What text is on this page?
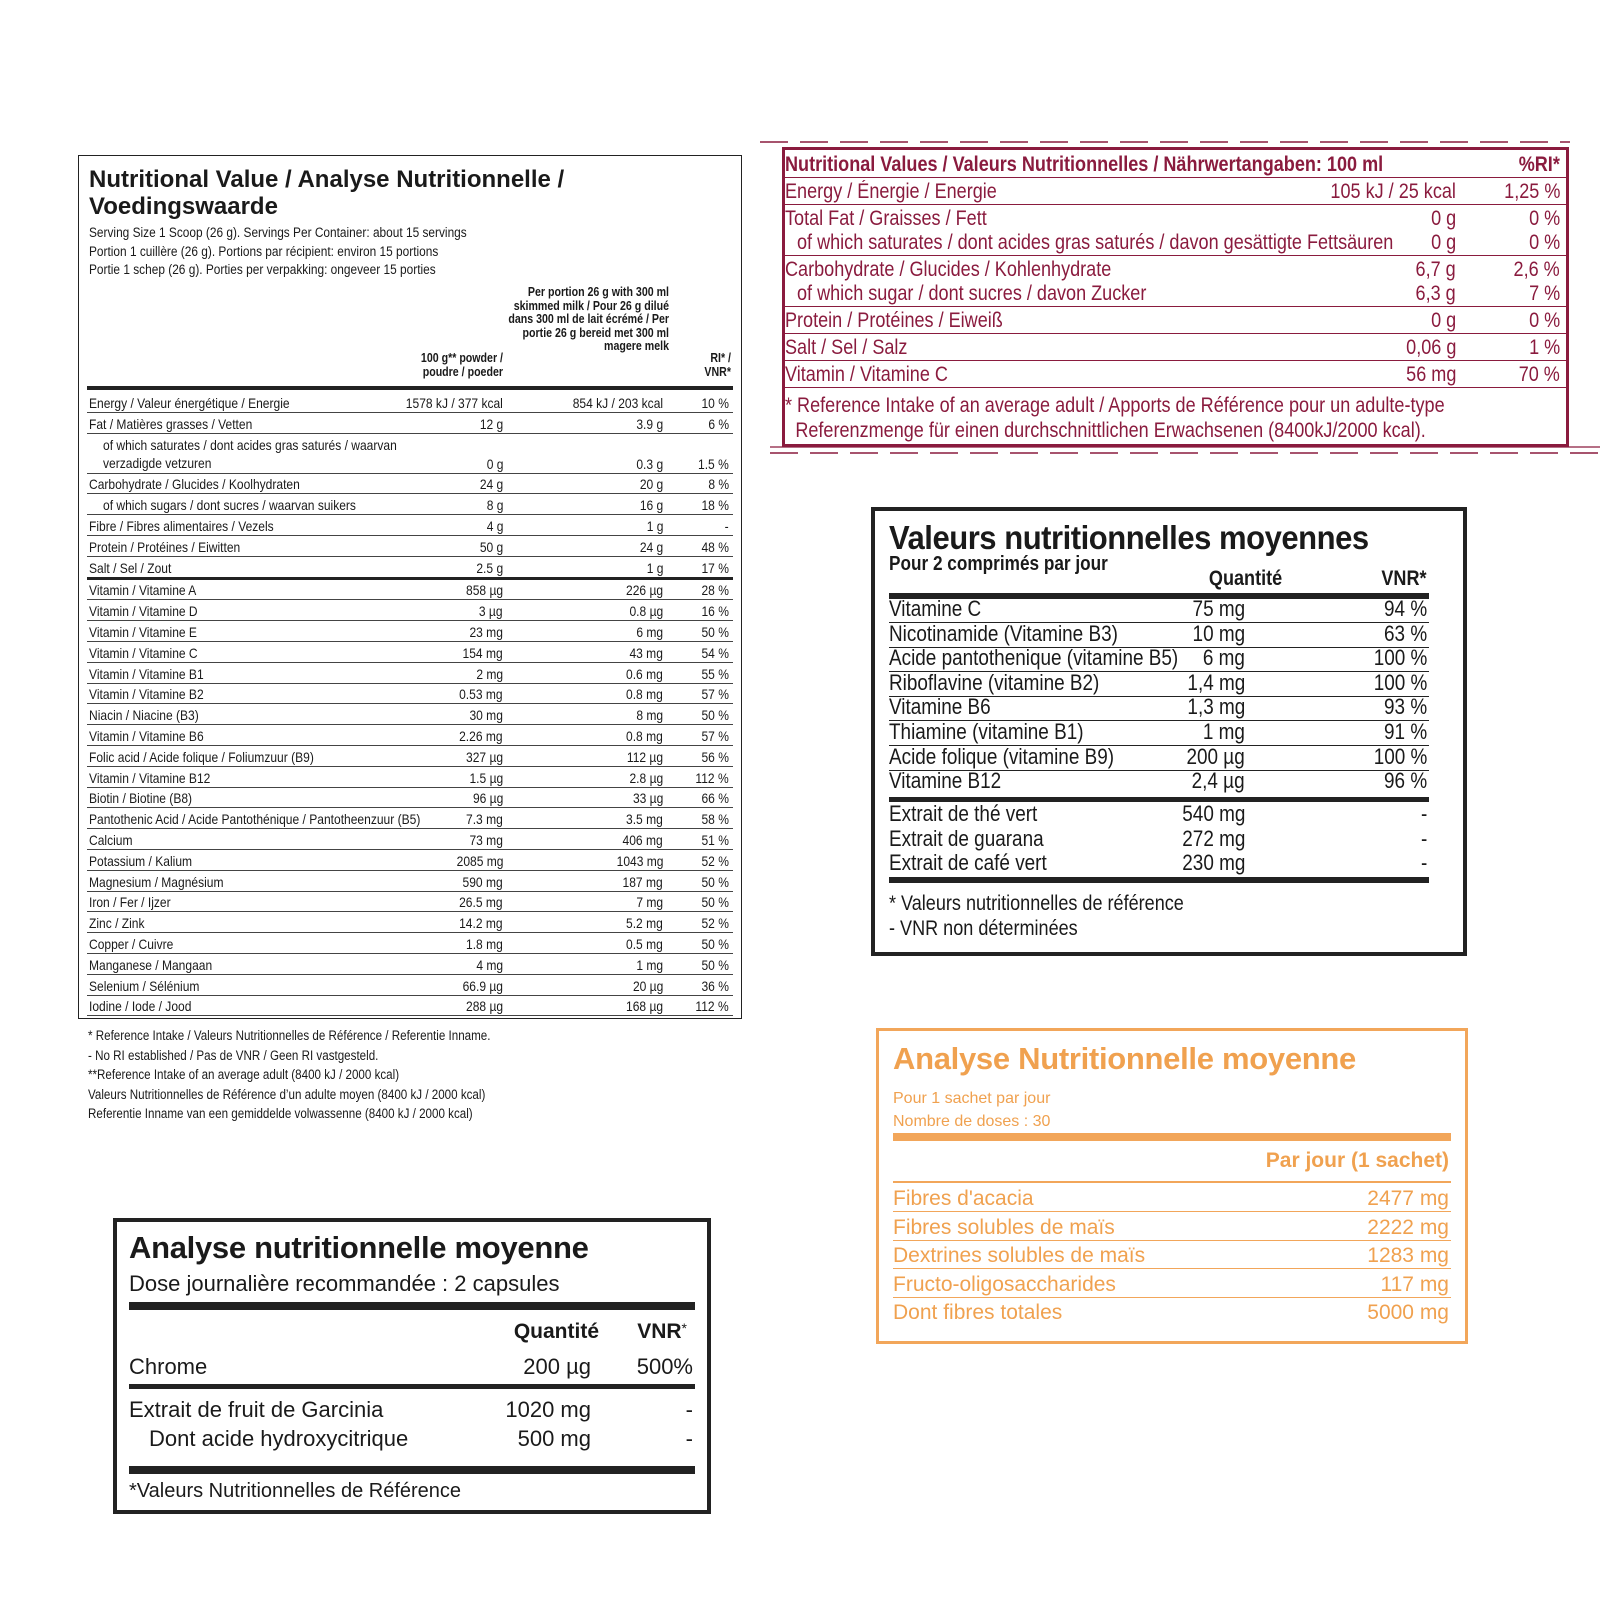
Nutritional Value / Analyse Nutritionnelle / Voedingswaarde
Serving Size 1 Scoop (26 g). Servings Per Container: about 15 servings
Portion 1 cuillère (26 g). Portions par récipient: environ 15 portions
Portie 1 schep (26 g). Porties per verpakking: ongeveer 15 porties
100 g** powder / poudre / poeder
Per portion 26 g with 300 ml skimmed milk / Pour 26 g dilué dans 300 ml de lait écrémé / Per portie 26 g bereid met 300 ml magere melk
RI* / VNR*
Energy / Valeur énergétique / Energie	1578 kJ / 377 kcal	854 kJ / 203 kcal	10 %
Fat / Matières grasses / Vetten	12 g	3.9 g	6 %
of which saturates / dont acides gras saturés / waarvan verzadigde vetzuren	0 g	0.3 g	1.5 %
Carbohydrate / Glucides / Koolhydraten	24 g	20 g	8 %
of which sugars / dont sucres / waarvan suikers	8 g	16 g	18 %
Fibre / Fibres alimentaires / Vezels	4 g	1 g	-
Protein / Protéines / Eiwitten	50 g	24 g	48 %
Salt / Sel / Zout	2.5 g	1 g	17 %
Vitamin / Vitamine A	858 µg	226 µg	28 %
Vitamin / Vitamine D	3 µg	0.8 µg	16 %
Vitamin / Vitamine E	23 mg	6 mg	50 %
Vitamin / Vitamine C	154 mg	43 mg	54 %
Vitamin / Vitamine B1	2 mg	0.6 mg	55 %
Vitamin / Vitamine B2	0.53 mg	0.8 mg	57 %
Niacin / Niacine (B3)	30 mg	8 mg	50 %
Vitamin / Vitamine B6	2.26 mg	0.8 mg	57 %
Folic acid / Acide folique / Foliumzuur (B9)	327 µg	112 µg	56 %
Vitamin / Vitamine B12	1.5 µg	2.8 µg 112 %
Biotin / Biotine (B8)	96 µg	33 µg	66 %
Pantothenic Acid / Acide Pantothénique / Pantotheenzuur (B5)	7.3 mg	3.5 mg	58 %
Calcium	73 mg	406 mg	51 %
Potassium / Kalium	2085 mg	1043 mg	52 %
Magnesium / Magnésium	590 mg	187 mg	50 %
Iron / Fer / Ijzer	26.5 mg	7 mg	50 %
Zinc / Zink	14.2 mg	5.2 mg	52 %
Copper / Cuivre	1.8 mg	0.5 mg	50 %
Manganese / Mangaan	4 mg	1 mg	50 %
Selenium / Sélénium	66.9 µg	20 µg	36 %
Iodine / Iode / Jood	288 µg	168 µg 112 %
* Reference Intake / Valeurs Nutritionnelles de Référence / Referentie Inname.
- No RI established / Pas de VNR / Geen RI vastgesteld.
**Reference Intake of an average adult (8400 kJ / 2000 kcal)
Valeurs Nutritionnelles de Référence d’un adulte moyen (8400 kJ / 2000 kcal)
Referentie Inname van een gemiddelde volwassenne (8400 kJ / 2000 kcal)
Nutritional Values / Valeurs Nutritionnelles / Nährwertangaben: 100 ml	%RI*
Energy / Énergie / Energie	105 kJ / 25 kcal 1,25 %
Total Fat / Graisses / Fett	0 g	0 %
of which saturates / dont acides gras saturés / davon gesättigte Fettsäuren 0 g	0 %
Carbohydrate / Glucides / Kohlenhydrate	6,7 g	2,6 %
of which sugar / dont sucres / davon Zucker	6,3 g	7 %
Protein / Protéines / Eiweiß	0 g	0 %
Salt / Sel / Salz	0,06 g	1 %
Vitamin / Vitamine C	56 mg	70 %
* Reference Intake of an average adult / Apports de Référence pour un adulte-type
Referenzmenge für einen durchschnittlichen Erwachsenen (8400kJ/2000 kcal).
Valeurs nutritionnelles moyennes
Pour 2 comprimés par jour
Quantité	VNR*
Vitamine C	75 mg	94 %
Nicotinamide (Vitamine B3)	10 mg	63 %
Acide pantothenique (vitamine B5) 6 mg	100 %
Riboflavine (vitamine B2)	1,4 mg	100 %
Vitamine B6	1,3 mg	93 %
Thiamine (vitamine B1)	1 mg	91 %
Acide folique (vitamine B9)	200 µg	100 %
Vitamine B12	2,4 µg	96 %
Extrait de thé vert	540 mg	-
Extrait de guarana	272 mg	-
Extrait de café vert	230 mg	-
* Valeurs nutritionnelles de référence
- VNR non déterminées
Analyse Nutritionnelle moyenne
Pour 1 sachet par jour
Nombre de doses : 30
Par jour (1 sachet)
Fibres d'acacia	2477 mg
Fibres solubles de maïs	2222 mg
Dextrines solubles de maïs	1283 mg
Fructo-oligosaccharides	117 mg
Dont fibres totales	5000 mg
Analyse nutritionnelle moyenne
Dose journalière recommandée : 2 capsules
Quantité VNR*
Chrome	200 µg 500%
Extrait de fruit de Garcinia	1020 mg	-
Dont acide hydroxycitrique	500 mg	-
*Valeurs Nutritionnelles de Référence
